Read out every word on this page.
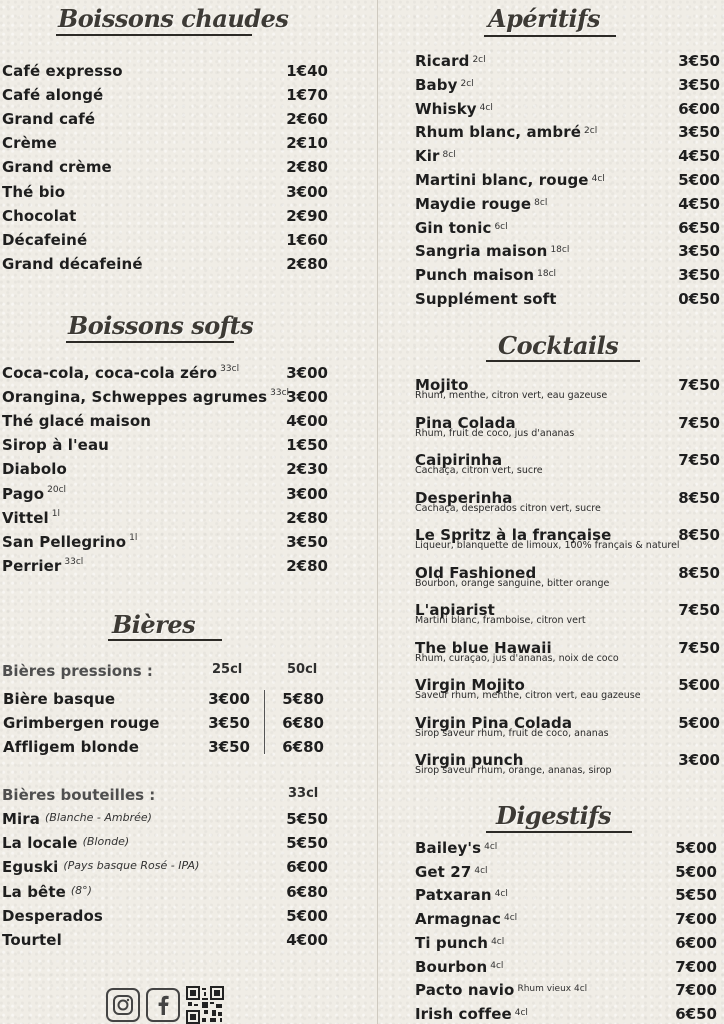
Boissons chaudes
Café expresso	1€40
Café alongé	1€70
Grand café	2€60
Crème	2€10
Grand crème	2€80
Thé bio	3€00
Chocolat	2€90
Décafeiné	1€60
Grand décafeiné	2€80
Boissons softs
Coca-cola, coca-cola zéro 33cl	3€00
Orangina, Schweppes agrumes 33cl
3€00
Thé glacé maison	4€00
Sirop à l'eau	1€50
Diabolo	2€30
Pago 20cl	3€00
Vittel 1l	2€80
San Pellegrino 1l	3€50
Perrier 33cl	2€80
Bières
Bières pressions :	25cl	50cl
Bière basque	3€00 5€80
Grimbergen rouge	3€50 6€80
Affligem blonde	3€50 6€80
Bières bouteilles :	33cl
Mira (Blanche - Ambrée)	5€50
La locale (Blonde)	5€50
Eguski (Pays basque Rosé - IPA)	6€00
La bête (8°)	6€80
Desperados	5€00
Tourtel	4€00
Apéritifs
Ricard 2cl	3€50
Baby 2cl	3€50
Whisky 4cl	6€00
Rhum blanc, ambré 2cl	3€50
Kir 8cl	4€50
Martini blanc, rouge 4cl	5€00
Maydie rouge 8cl	4€50
Gin tonic 6cl	6€50
Sangria maison 18cl	3€50
Punch maison 18cl	3€50
Supplément soft	0€50
Cocktails
Mojito
Rhum, menthe, citron vert, eau gazeuse
7€50
Pina Colada
Rhum, fruit de coco, jus d'ananas
7€50
Caipirinha
Cachaça, citron vert, sucre
7€50
Desperinha
Cachaça, desperados citron vert, sucre
8€50
Le Spritz à la française
Liqueur, blanquette de limoux, 100% français & naturel
8€50
Old Fashioned
Bourbon, orange sanguine, bitter orange
8€50
L'apiarist
Martini blanc, framboise, citron vert
7€50
The blue Hawaii
Rhum, curaçao, jus d'ananas, noix de coco
7€50
Virgin Mojito
Saveur rhum, menthe, citron vert, eau gazeuse
5€00
Virgin Pina Colada
Sirop saveur rhum, fruit de coco, ananas
5€00
Virgin punch
Sirop saveur rhum, orange, ananas, sirop
3€00
Digestifs
Bailey's 4cl	5€00
Get 27 4cl	5€00
Patxaran 4cl	5€50
Armagnac 4cl	7€00
Ti punch 4cl	6€00
Bourbon 4cl	7€00
Pacto navio Rhum vieux 4cl	7€00
Irish coffee 4cl	6€50
